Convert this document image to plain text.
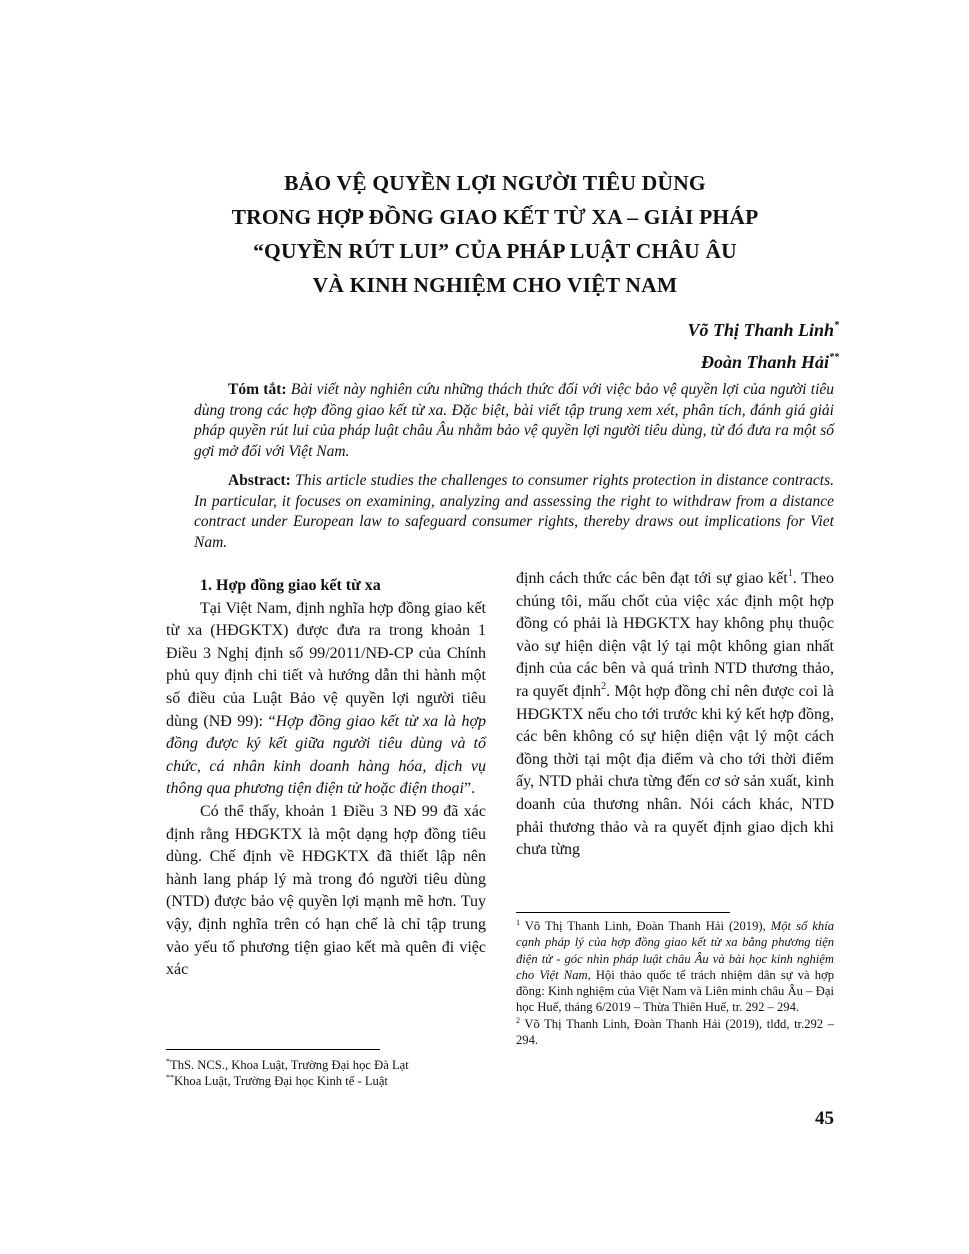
BẢO VỆ QUYỀN LỢI NGƯỜI TIÊU DÙNG
TRONG HỢP ĐỒNG GIAO KẾT TỪ XA – GIẢI PHÁP
“QUYỀN RÚT LUI” CỦA PHÁP LUẬT CHÂU ÂU
VÀ KINH NGHIỆM CHO VIỆT NAM
Võ Thị Thanh Linh*
Đoàn Thanh Hải**
Tóm tắt: Bài viết này nghiên cứu những thách thức đối với việc bảo vệ quyền lợi của người tiêu dùng trong các hợp đồng giao kết từ xa. Đặc biệt, bài viết tập trung xem xét, phân tích, đánh giá giải pháp quyền rút lui của pháp luật châu Âu nhằm bảo vệ quyền lợi người tiêu dùng, từ đó đưa ra một số gợi mở đối với Việt Nam.
Abstract: This article studies the challenges to consumer rights protection in distance contracts. In particular, it focuses on examining, analyzing and assessing the right to withdraw from a distance contract under European law to safeguard consumer rights, thereby draws out implications for Viet Nam.
1. Hợp đồng giao kết từ xa

Tại Việt Nam, định nghĩa hợp đồng giao kết từ xa (HĐGKTX) được đưa ra trong khoản 1 Điều 3 Nghị định số 99/2011/NĐ-CP của Chính phủ quy định chi tiết và hướng dẫn thi hành một số điều của Luật Bảo vệ quyền lợi người tiêu dùng (NĐ 99): “Hợp đồng giao kết từ xa là hợp đồng được ký kết giữa người tiêu dùng và tổ chức, cá nhân kinh doanh hàng hóa, dịch vụ thông qua phương tiện điện tử hoặc điện thoại”.

Có thể thấy, khoản 1 Điều 3 NĐ 99 đã xác định rằng HĐGKTX là một dạng hợp đồng tiêu dùng. Chế định về HĐGKTX đã thiết lập nên hành lang pháp lý mà trong đó người tiêu dùng (NTD) được bảo vệ quyền lợi mạnh mẽ hơn. Tuy vậy, định nghĩa trên có hạn chế là chỉ tập trung vào yếu tố phương tiện giao kết mà quên đi việc xác

định cách thức các bên đạt tới sự giao kết$^1$. Theo chúng tôi, mấu chốt của việc xác định một hợp đồng có phải là HĐGKTX hay không phụ thuộc vào sự hiện diện vật lý tại một không gian nhất định của các bên và quá trình NTD thương thảo, ra quyết định$^2$. Một hợp đồng chỉ nên được coi là HĐGKTX nếu cho tới trước khi ký kết hợp đồng, các bên không có sự hiện diện vật lý một cách đồng thời tại một địa điểm và cho tới thời điểm ấy, NTD phải chưa từng đến cơ sở sản xuất, kinh doanh của thương nhân. Nói cách khác, NTD phải thương thảo và ra quyết định giao dịch khi chưa từng

$^1$ Võ Thị Thanh Linh, Đoàn Thanh Hải (2019), Một số khía cạnh pháp lý của hợp đồng giao kết từ xa bằng phương tiện điện tử - góc nhìn pháp luật châu Âu và bài học kinh nghiệm cho Việt Nam, Hội thảo quốc tế trách nhiệm dân sự và hợp đồng: Kinh nghiệm của Việt Nam và Liên minh châu Âu – Đại học Huế, tháng 6/2019 – Thừa Thiên Huế, tr. 292 – 294.

$^2$ Võ Thị Thanh Linh, Đoàn Thanh Hải (2019), tlđd, tr.292 – 294.

*ThS. NCS., Khoa Luật, Trường Đại học Đà Lạt

**Khoa Luật, Trường Đại học Kinh tế - Luật

45
